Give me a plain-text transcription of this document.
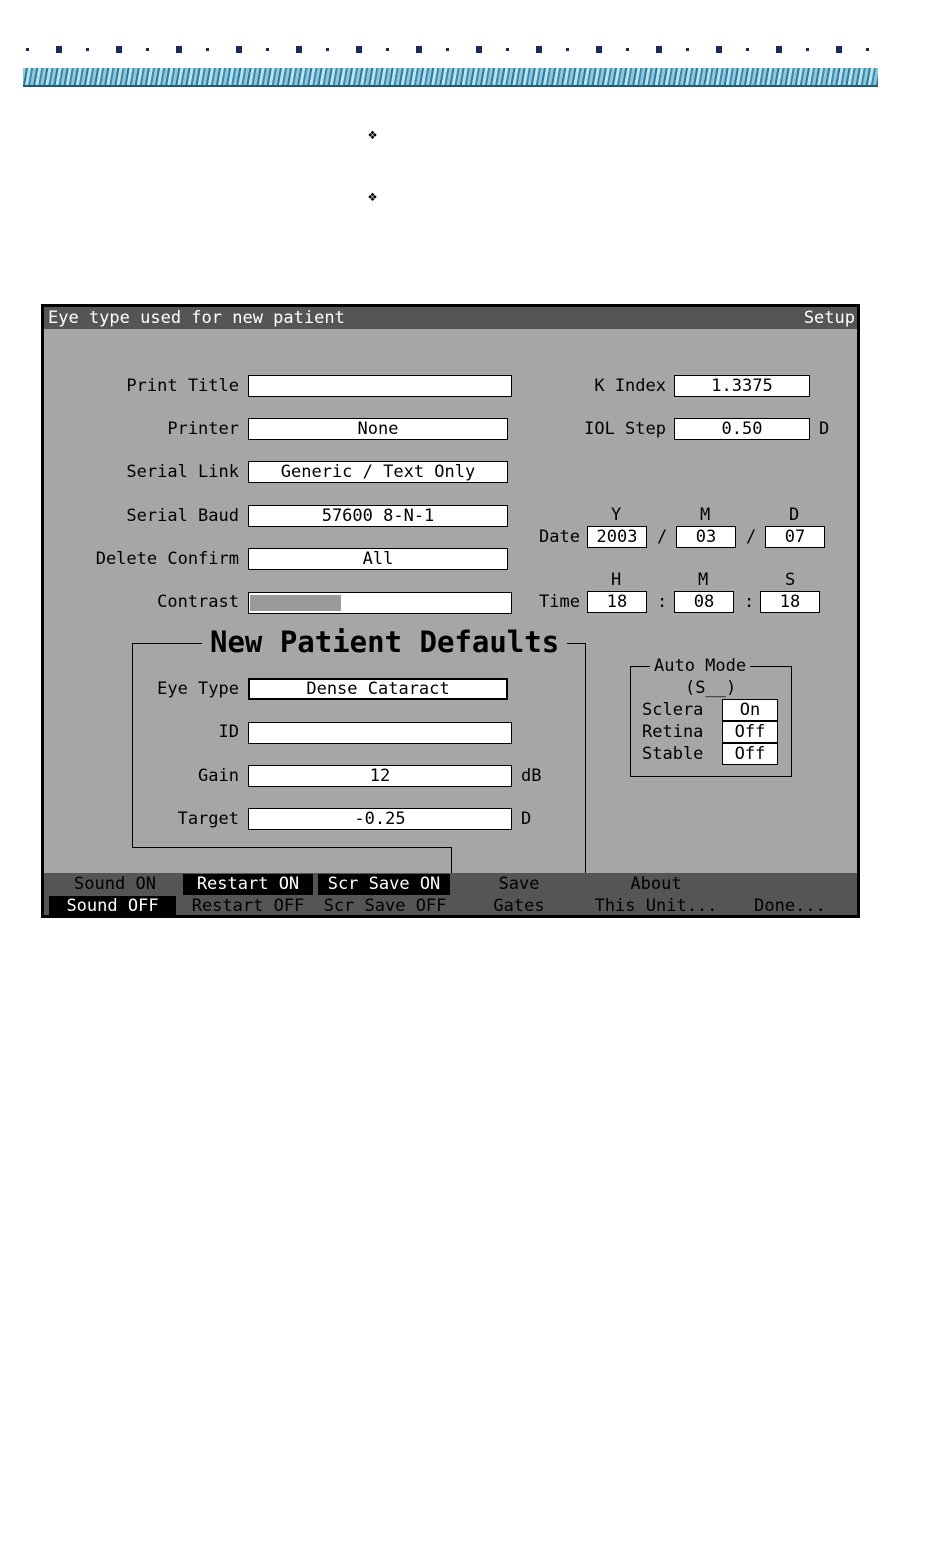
❖
❖
Eye type used for new patient	Setup
Print Title
Printer	None
Serial Link	Generic / Text Only
Serial Baud	57600 8-N-1
Delete Confirm	All
Contrast
K Index	1.3375
IOL Step	0.50	D
Y	M	D
Date 2003	/	03	/	07
H	M	S
Time	18	:	08	:	18
New Patient Defaults
Eye Type	Dense Cataract
ID
Gain	12	dB
Target	-0.25	D
Auto Mode
(S__)
Sclera	On
Retina	Off
Stable	Off
Sound ON
Sound OFF
Restart ON
Restart OFF
Scr Save ON
Scr Save OFF
Save
Gates
About
This Unit...	Done...
